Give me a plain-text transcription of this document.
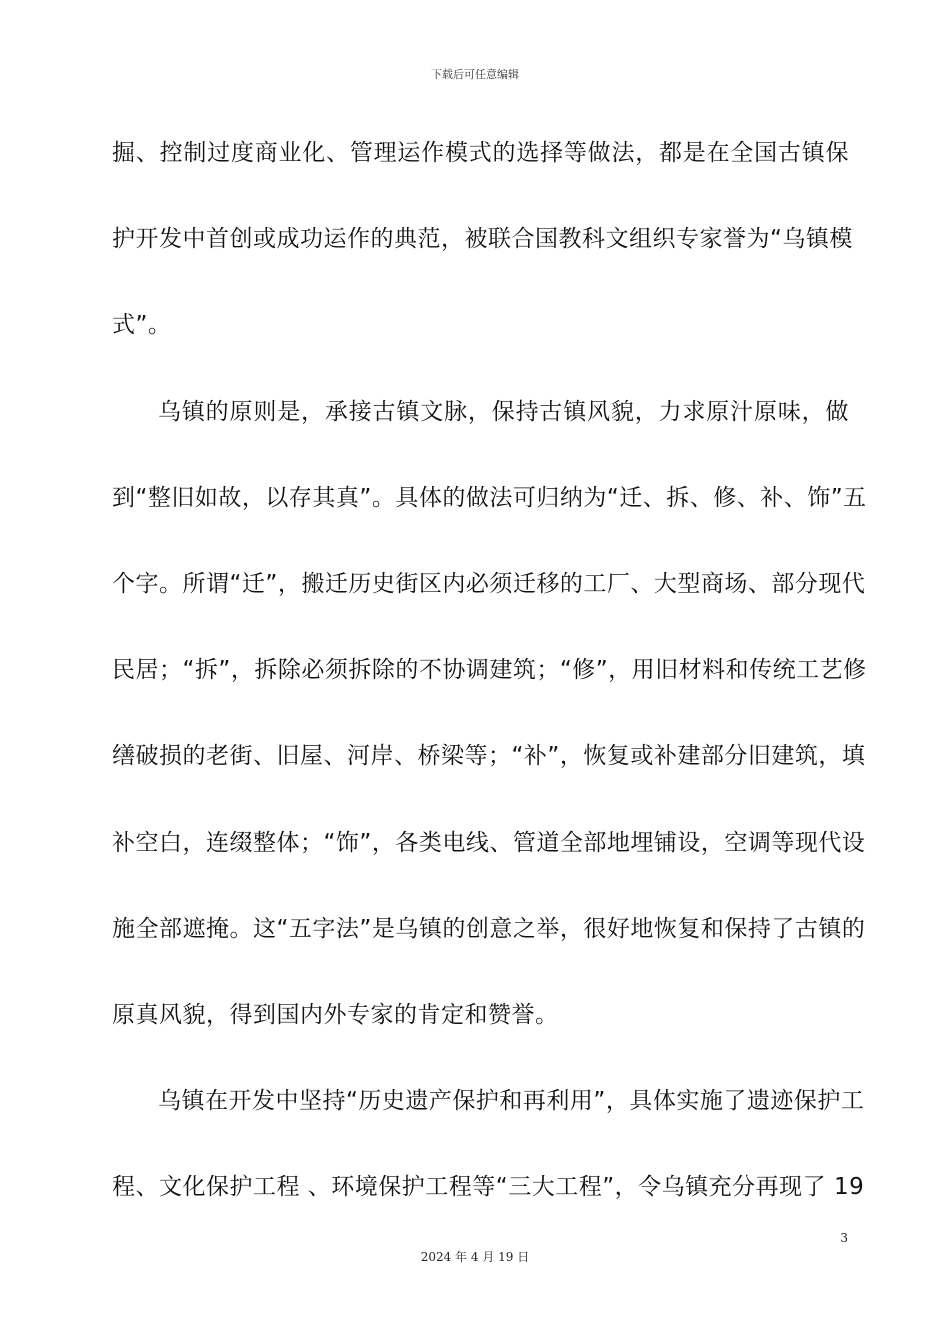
下载后可任意编辑
掘、控制过度商业化、管理运作模式的选择等做法，都是在全国古镇保
护开发中首创或成功运作的典范，被联合国教科文组织专家誉为“乌镇模
式”。
乌镇的原则是，承接古镇文脉，保持古镇风貌，力求原汁原味，做
到“整旧如故，以存其真”。具体的做法可归纳为“迁、拆、修、补、饰”五
个字。所谓“迁”，搬迁历史街区内必须迁移的工厂、大型商场、部分现代
民居；“拆”，拆除必须拆除的不协调建筑；“修”，用旧材料和传统工艺修
缮破损的老街、旧屋、河岸、桥梁等；“补”，恢复或补建部分旧建筑，填
补空白，连缀整体；“饰”，各类电线、管道全部地埋铺设，空调等现代设
施全部遮掩。这“五字法”是乌镇的创意之举，很好地恢复和保持了古镇的
原真风貌，得到国内外专家的肯定和赞誉。
乌镇在开发中坚持“历史遗产保护和再利用”，具体实施了遗迹保护工
程、文化保护工程 、环境保护工程等“三大工程”，令乌镇充分再现了 19
3
2024 年 4 月 19 日
